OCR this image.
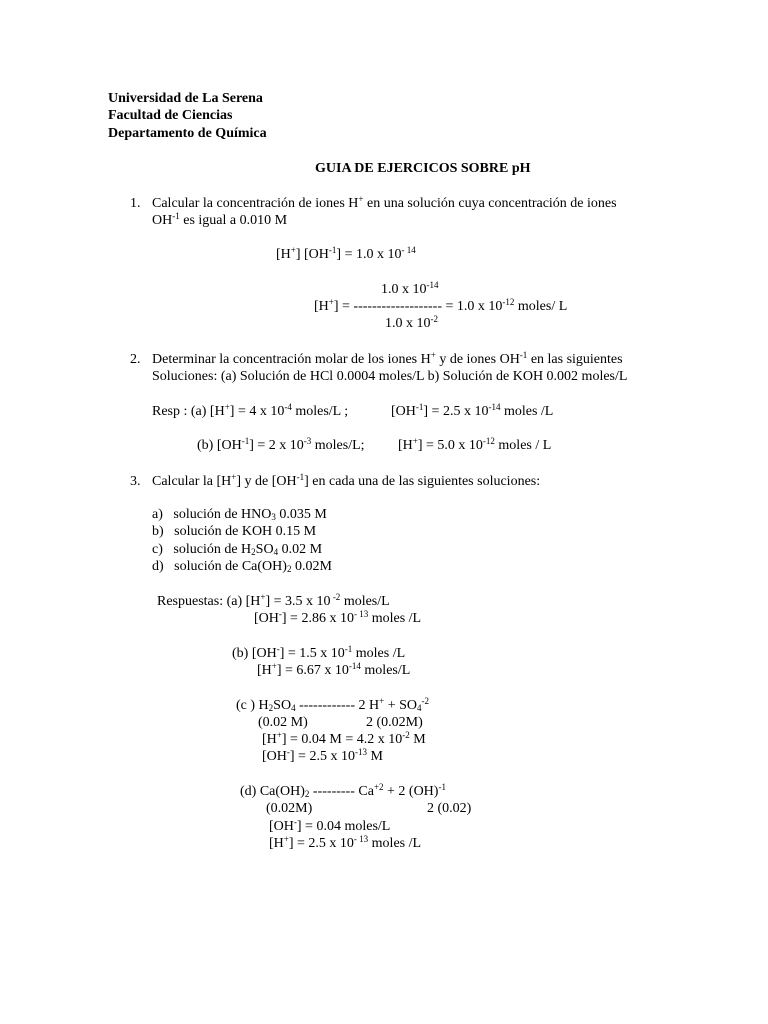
Universidad de La Serena
Facultad de Ciencias
Departamento de Química
GUIA DE EJERCICOS SOBRE pH
1. Calcular la concentración de iones H+ en una solución cuya concentración de iones
$OH^{-1}$ es igual a 0.010 M
[H+] $[OH^{-1}] = 1.0$ x $10^{- 14}$
1.0 x $10^{-14}$
[H+] = ------------------- = 1.0 x $10^{-12}$ moles/ L
1.0 x $10^{-2}$
2. Determinar la concentración molar de los iones H+ y de iones $OH^{-1}$ en las siguientes
Soluciones: (a) Solución de HCl 0.0004 moles/L b) Solución de KOH 0.002 moles/L
Resp : (a) [H+] = 4 x $10^{-4}$ moles/L ;	$[OH^{-1}] = 2.5$ x $10^{-14}$ moles /L
(b) $[OH^{-1}] = 2$ x $10^{-3}$ moles/L; [H+] = 5.0 x $10^{-12}$ moles / L
3. Calcular la [H+] y de $[OH^{-1}]$ en cada una de las siguientes soluciones:
a) solución de $HNO_3$ 0.035 M
b) solución de KOH 0.15 M
c) solución de $H_2SO_4$ 0.02 M
d) solución de $Ca(OH)_2$ 0.02M
Respuestas: (a) [H+] = 3.5 x 10 $^{-2}$ moles/L
[OH-] = 2.86 x $10^{- 13}$ moles /L
(b) [OH-] = 1.5 x $10^{-1}$ moles /L
[H+] = 6.67 x $10^{-14}$ moles/L
(c ) $H_2SO_4$ ------------ 2 $H^+ + SO_4^{-2}$
(0.02 M)	2 (0.02M)
[H+] = 0.04 M = 4.2 x $10^{-2}$ M
[OH-] = 2.5 x $10^{-13}$ M
(d) $Ca(OH)_2$ --------- $Ca^{+2} + 2$ (OH)$^{-1}$
(0.02M)	2 (0.02)
[OH-] = 0.04 moles/L
[H+] = 2.5 x $10^{- 13}$ moles /L
